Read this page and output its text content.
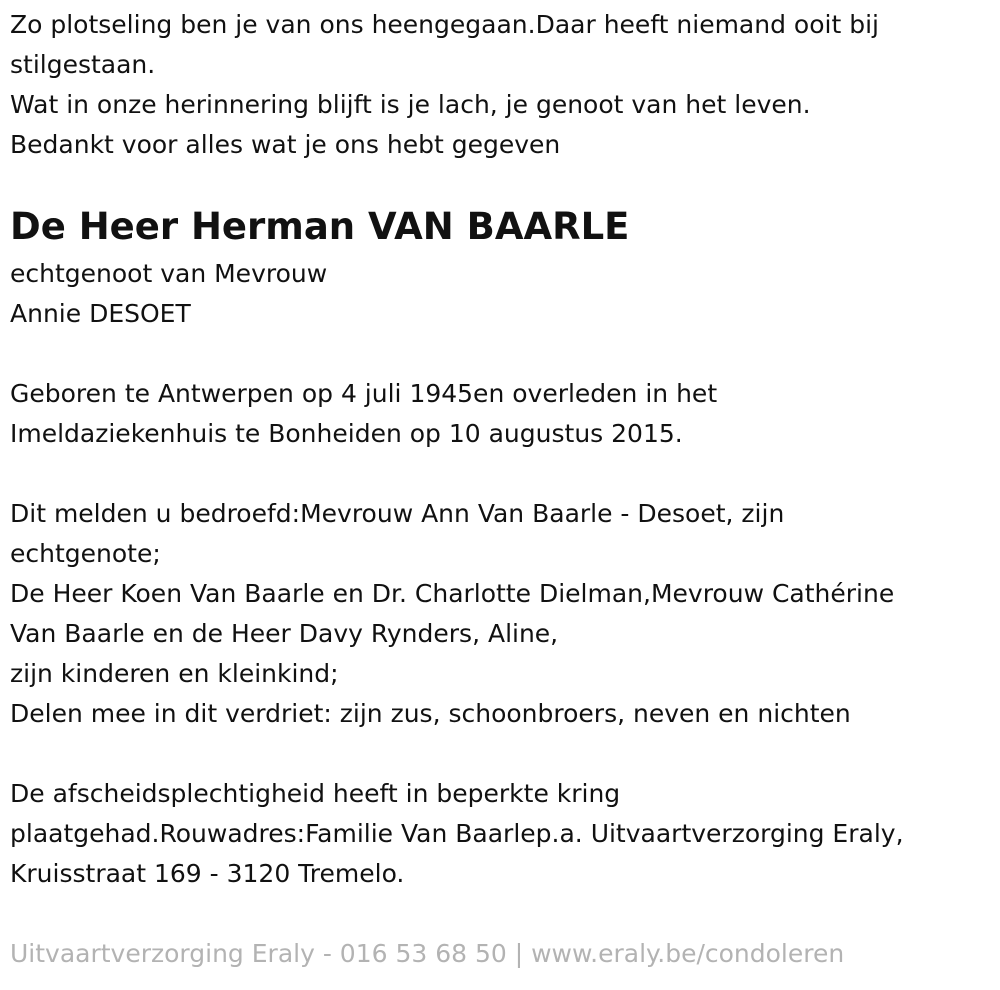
Zo plotseling ben je van ons heengegaan.Daar heeft niemand ooit bij
stilgestaan.
Wat in onze herinnering blijft is je lach, je genoot van het leven.
Bedankt voor alles wat je ons hebt gegeven
De Heer Herman VAN BAARLE
echtgenoot van Mevrouw
Annie DESOET
Geboren te Antwerpen op 4 juli 1945en overleden in het
Imeldaziekenhuis te Bonheiden op 10 augustus 2015.
Dit melden u bedroefd:Mevrouw Ann Van Baarle - Desoet, zijn
echtgenote;
De Heer Koen Van Baarle en Dr. Charlotte Dielman,Mevrouw Cathérine
Van Baarle en de Heer Davy Rynders, Aline,
zijn kinderen en kleinkind;
Delen mee in dit verdriet: zijn zus, schoonbroers, neven en nichten
De afscheidsplechtigheid heeft in beperkte kring
plaatgehad.Rouwadres:Familie Van Baarlep.a. Uitvaartverzorging Eraly,
Kruisstraat 169 - 3120 Tremelo.
Uitvaartverzorging Eraly - 016 53 68 50 | www.eraly.be/condoleren
